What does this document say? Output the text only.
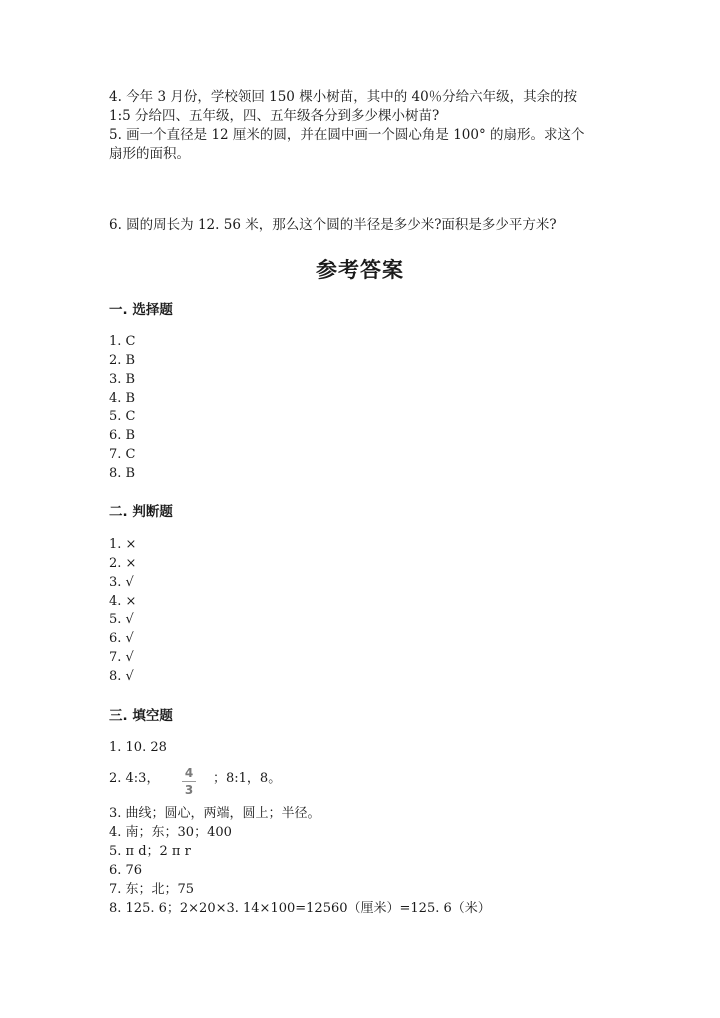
4. 今年 3 月份，学校领回 150 棵小树苗，其中的 40％分给六年级，其余的按
1:5 分给四、五年级，四、五年级各分到多少棵小树苗?
5. 画一个直径是 12 厘米的圆，并在圆中画一个圆心角是 100° 的扇形。求这个
扇形的面积。
6. 圆的周长为 12. 56 米，那么这个圆的半径是多少米?面积是多少平方米?
参考答案
一. 选择题
1. C
2. B
3. B
4. B
5. C
6. B
7. C
8. B
二. 判断题
1. ×
2. ×
3. √
4. ×
5. √
6. √
7. √
8. √
三. 填空题
1. 10. 28
2. 4:3， 4
3
；8:1，8。
3. 曲线；圆心，两端，圆上；半径。
4. 南；东；30；400
5. π d；2 π r
6. 76
7. 东；北；75
8. 125. 6；2×20×3. 14×100=12560（厘米）=125. 6（米）
